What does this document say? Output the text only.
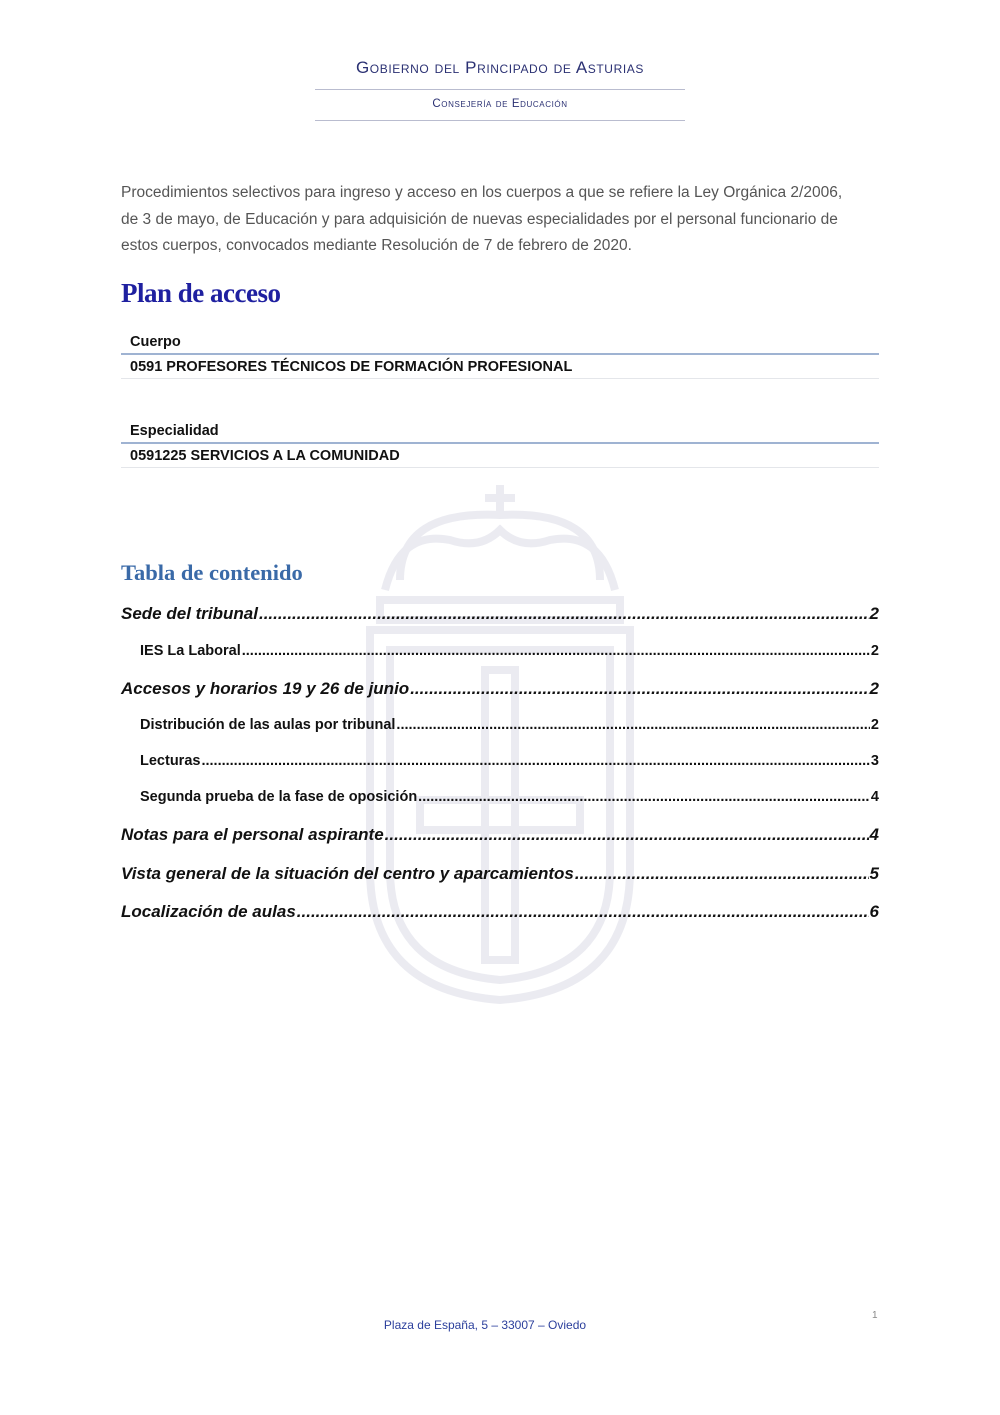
Gobierno del Principado de Asturias
Consejería de Educación
Procedimientos selectivos para ingreso y acceso en los cuerpos a que se refiere la Ley Orgánica 2/2006, de 3 de mayo, de Educación y para adquisición de nuevas especialidades por el personal funcionario de estos cuerpos, convocados mediante Resolución de 7 de febrero de 2020.
Plan de acceso
Cuerpo
0591 PROFESORES TÉCNICOS DE FORMACIÓN PROFESIONAL
Especialidad
0591225 SERVICIOS A LA COMUNIDAD
Tabla de contenido
Sede del tribunal .....	2
IES La Laboral .....	2
Accesos y horarios 19 y 26 de junio .....	2
Distribución de las aulas por tribunal .....	2
Lecturas .....	3
Segunda prueba de la fase de oposición .....	4
Notas para el personal aspirante .....	4
Vista general de la situación del centro y aparcamientos .....	5
Localización de aulas .....	6
1
Plaza de España, 5 – 33007 – Oviedo
